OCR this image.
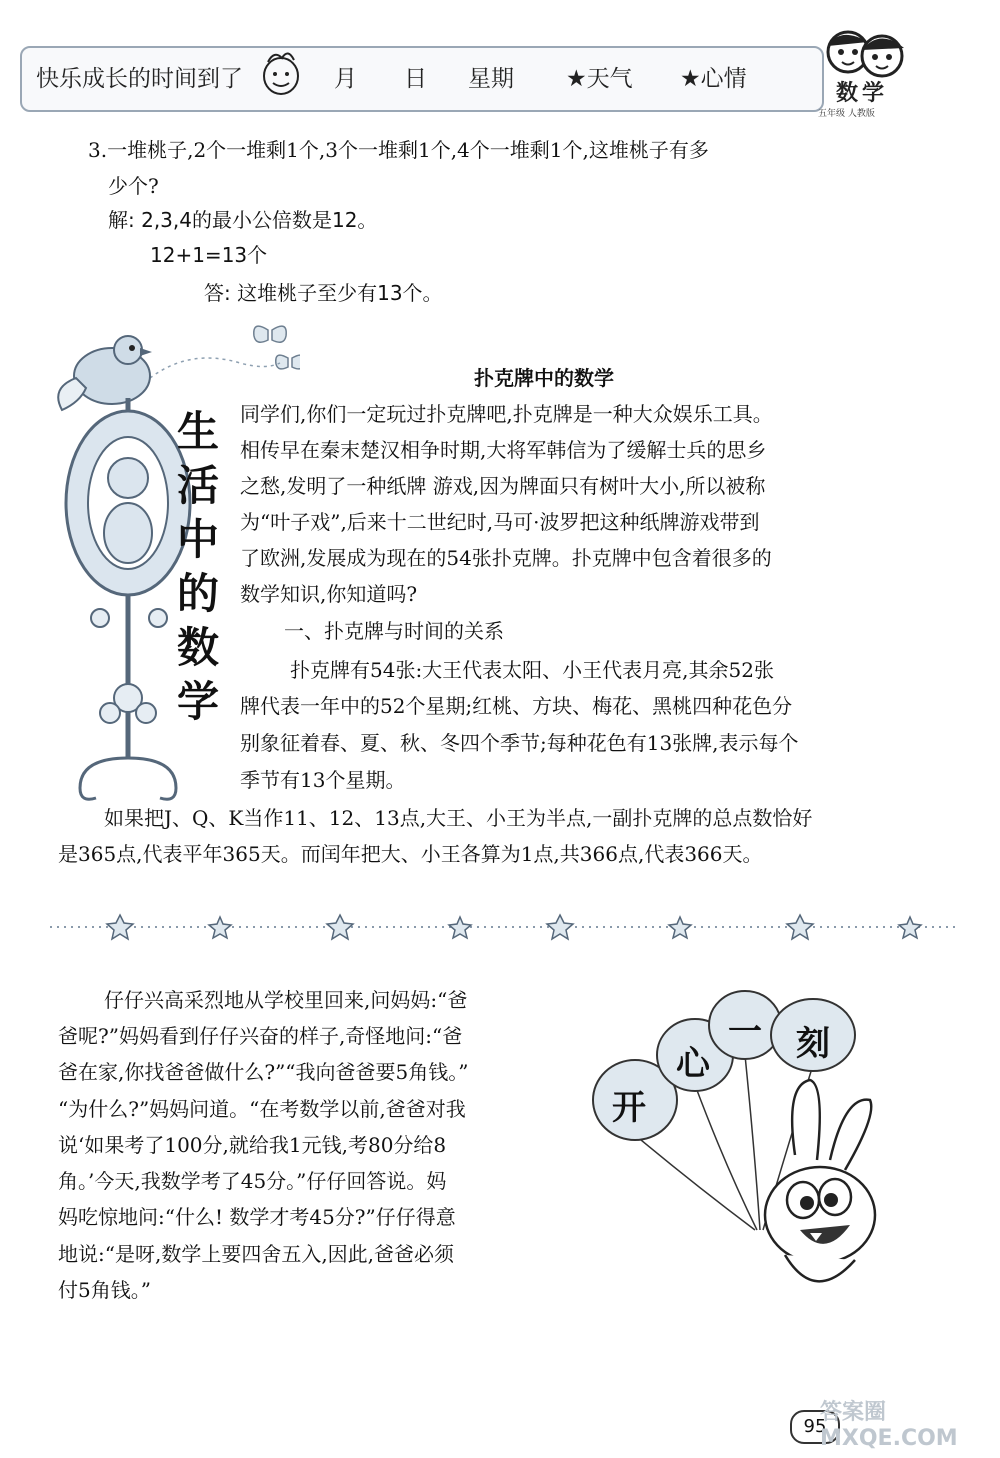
快乐成长的时间到了	月 日 星期 ★天气 ★心情
数学
五年级 人教版
3.一堆桃子,2个一堆剩1个,3个一堆剩1个,4个一堆剩1个,这堆桃子有多
少个?
解: 2,3,4的最小公倍数是12。
12+1=13个
答: 这堆桃子至少有13个。
生
活
中
的
数
学
扑克牌中的数学
同学们,你们一定玩过扑克牌吧,扑克牌是一种大众娱乐工具。
相传早在秦末楚汉相争时期,大将军韩信为了缓解士兵的思乡
之愁,发明了一种纸牌 游戏,因为牌面只有树叶大小,所以被称
为“叶子戏”,后来十二世纪时,马可·波罗把这种纸牌游戏带到
了欧洲,发展成为现在的54张扑克牌。扑克牌中包含着很多的
数学知识,你知道吗?
一、扑克牌与时间的关系
扑克牌有54张:大王代表太阳、小王代表月亮,其余52张
牌代表一年中的52个星期;红桃、方块、梅花、黑桃四种花色分
别象征着春、夏、秋、冬四个季节;每种花色有13张牌,表示每个
季节有13个星期。
如果把J、Q、K当作11、12、13点,大王、小王为半点,一副扑克牌的总点数恰好
是365点,代表平年365天。而闰年把大、小王各算为1点,共366点,代表366天。
仔仔兴高采烈地从学校里回来,问妈妈:“爸
爸呢?”妈妈看到仔仔兴奋的样子,奇怪地问:“爸
爸在家,你找爸爸做什么?”“我向爸爸要5角钱。”
“为什么?”妈妈问道。“在考数学以前,爸爸对我
说‘如果考了100分,就给我1元钱,考80分给8
角。’今天,我数学考了45分。”仔仔回答说。妈
妈吃惊地问:“什么! 数学才考45分?”仔仔得意
地说:“是呀,数学上要四舍五入,因此,爸爸必须
付5角钱。”
开
心
一 刻
95
答案圈 MXQE.COM
